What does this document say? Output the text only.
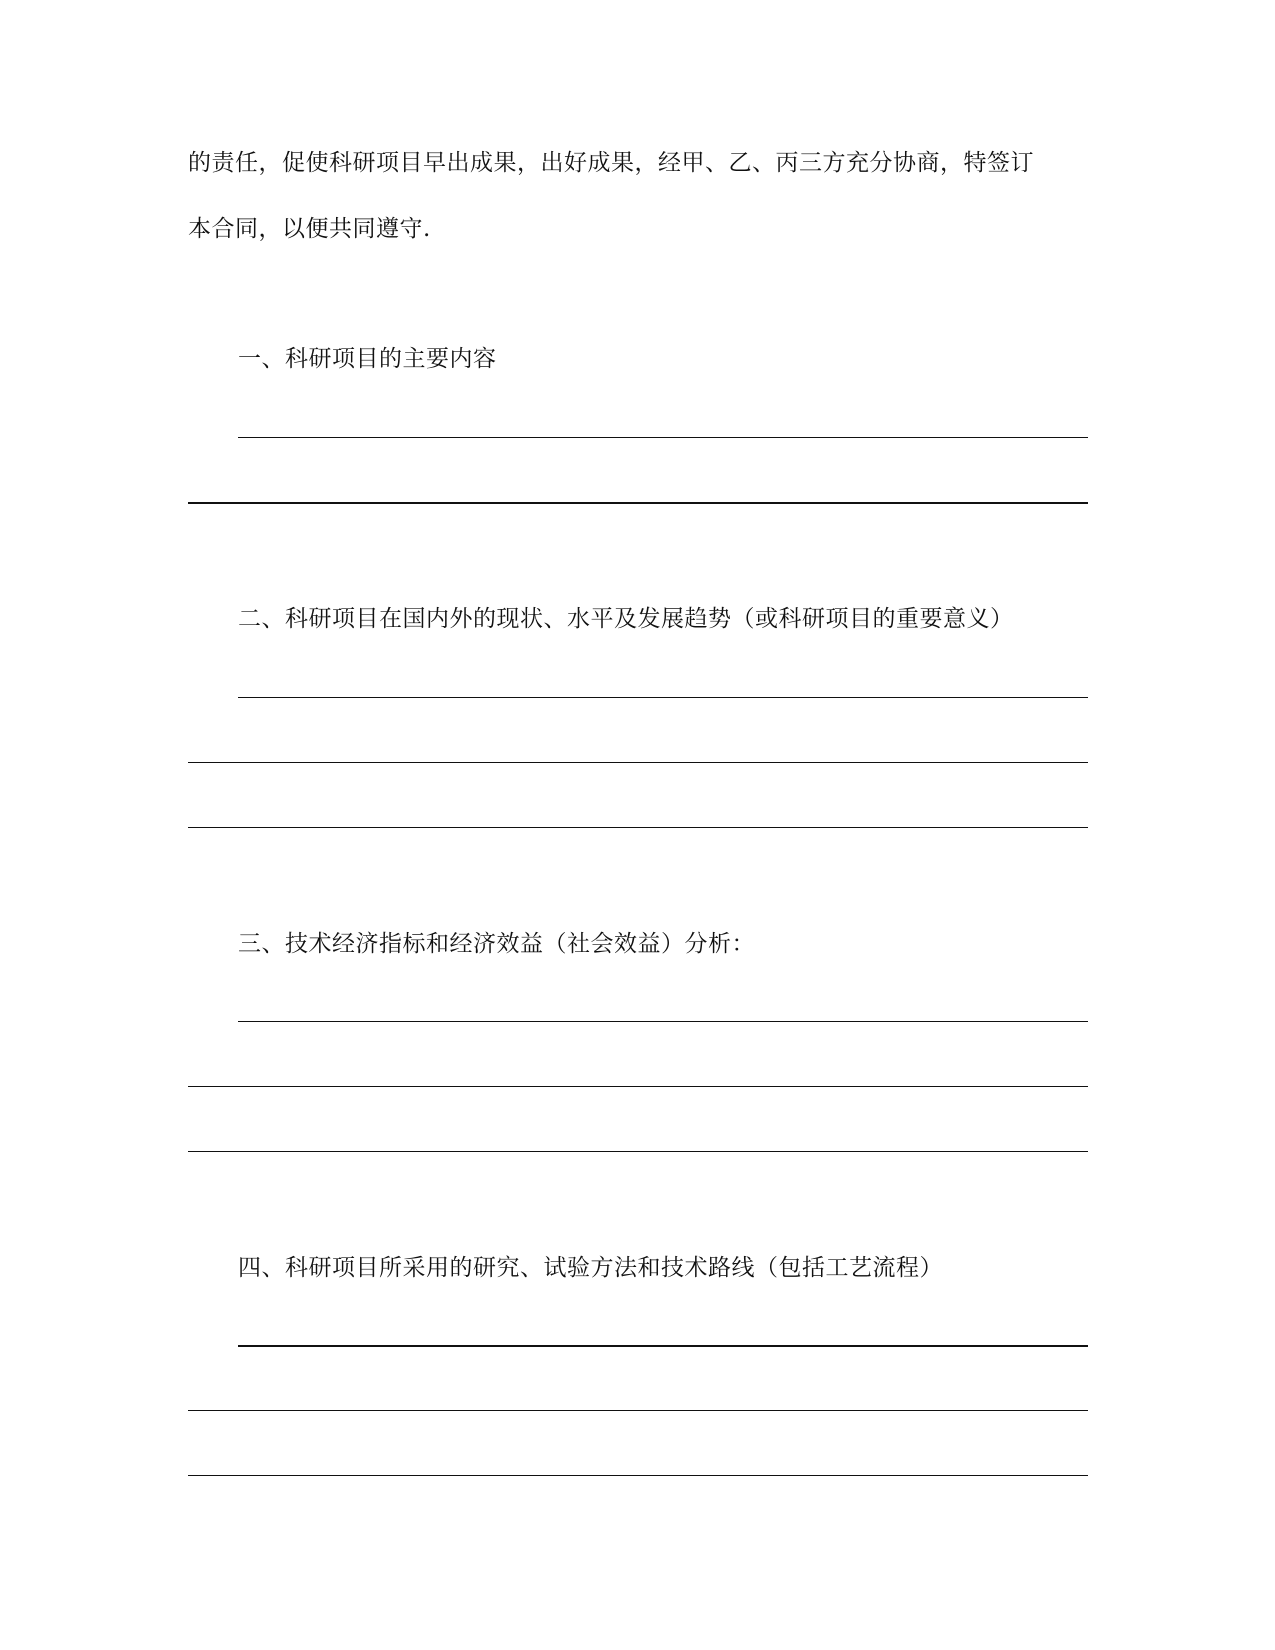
的责任，促使科研项目早出成果，出好成果，经甲、乙、丙三方充分协商，特签订
本合同，以便共同遵守.
一、科研项目的主要内容
二、科研项目在国内外的现状、水平及发展趋势（或科研项目的重要意义）
三、技术经济指标和经济效益（社会效益）分析：
四、科研项目所采用的研究、试验方法和技术路线（包括工艺流程）
